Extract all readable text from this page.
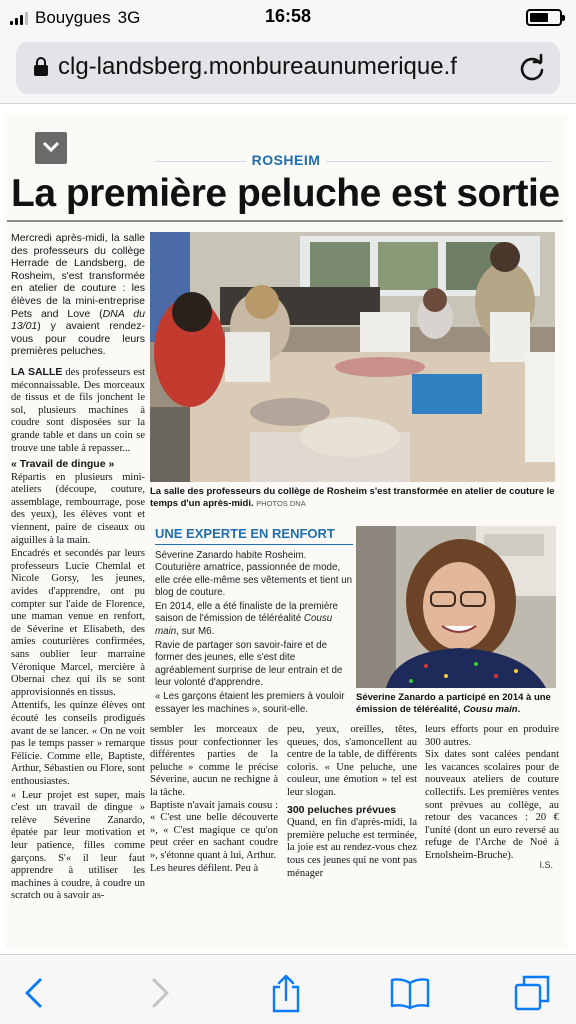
Bouygues 3G	16:58
clg-landsberg.monbureaunumerique.f
ROSHEIM
La première peluche est sortie

Mercredi après-midi, la salle des professeurs du collège Herrade de Landsberg, de Rosheim, s'est transformée en atelier de couture : les élèves de la mini-entreprise Pets and Love (DNA du 13/01) y avaient rendez-vous pour coudre leurs premières peluches.

LA SALLE des professeurs est méconnaissable. Des morceaux de tissus et de fils jonchent le sol, plusieurs machines à coudre sont disposées sur la grande table et dans un coin se trouve une table à repasser...

« Travail de dingue »

Répartis en plusieurs mini-ateliers (découpe, couture, assemblage, rembourrage, pose des yeux), les élèves vont et viennent, paire de ciseaux ou aiguilles à la main.

Encadrés et secondés par leurs professeurs Lucie Chemlal et Nicole Gorsy, les jeunes, avides d'apprendre, ont pu compter sur l'aide de Florence, une maman venue en renfort, de Séverine et Elisabeth, des amies couturières confirmées, sans oublier leur marraine Véronique Marcel, mercière à Obernai chez qui ils se sont approvisionnés en tissus.

Attentifs, les quinze élèves ont écouté les conseils prodigués avant de se lancer. « On ne voit pas le temps passer » remarque Félicie. Comme elle, Baptiste, Arthur, Sébastien ou Flore, sont enthousiastes.

« Leur projet est super, mais c'est un travail de dingue » relève Séverine Zanardo, épatée par leur motivation et leur patience, filles comme garçons. S'« il leur faut apprendre à utiliser les machines à coudre, à coudre un scratch ou à savoir as-

La salle des professeurs du collège de Rosheim s'est transformée en atelier de couture le temps d'un après-midi. PHOTOS DNA
UNE EXPERTE EN RENFORT

Séverine Zanardo habite Rosheim. Couturière amatrice, passionnée de mode, elle crée elle-même ses vêtements et tient un blog de couture.

En 2014, elle a été finaliste de la première saison de l'émission de téléréalité Cousu main, sur M6.

Ravie de partager son savoir-faire et de former des jeunes, elle s'est dite agréablement surprise de leur entrain et de leur volonté d'apprendre.

« Les garçons étaient les premiers à vouloir essayer les machines », sourit-elle.

Séverine Zanardo a participé en 2014 à une émission de téléréalité, Cousu main.
sembler les morceaux de tissus pour confectionner les différentes parties de la peluche » comme le précise Séverine, aucun ne rechigne à la tâche.
Baptiste n'avait jamais cousu : « C'est une belle découverte », « C'est magique ce qu'on peut créer en sachant coudre », s'étonne quant à lui, Arthur.
Les heures défilent. Peu à

peu, yeux, oreilles, têtes, queues, dos, s'amoncellent au centre de la table, de différents coloris. « Une peluche, une couleur, une émotion » tel est leur slogan.

300 peluches prévues

Quand, en fin d'après-midi, la première peluche est terminée, la joie est au rendez-vous chez tous ces jeunes qui ne vont pas ménager

leurs efforts pour en produire 300 autres.
Six dates sont calées pendant les vacances scolaires pour de nouveaux ateliers de couture collectifs. Les premières ventes sont prévues au collège, au retour des vacances : 20 € l'unité (dont un euro reversé au refuge de l'Arche de Noé à Ernolsheim-Bruche).
I.S.
